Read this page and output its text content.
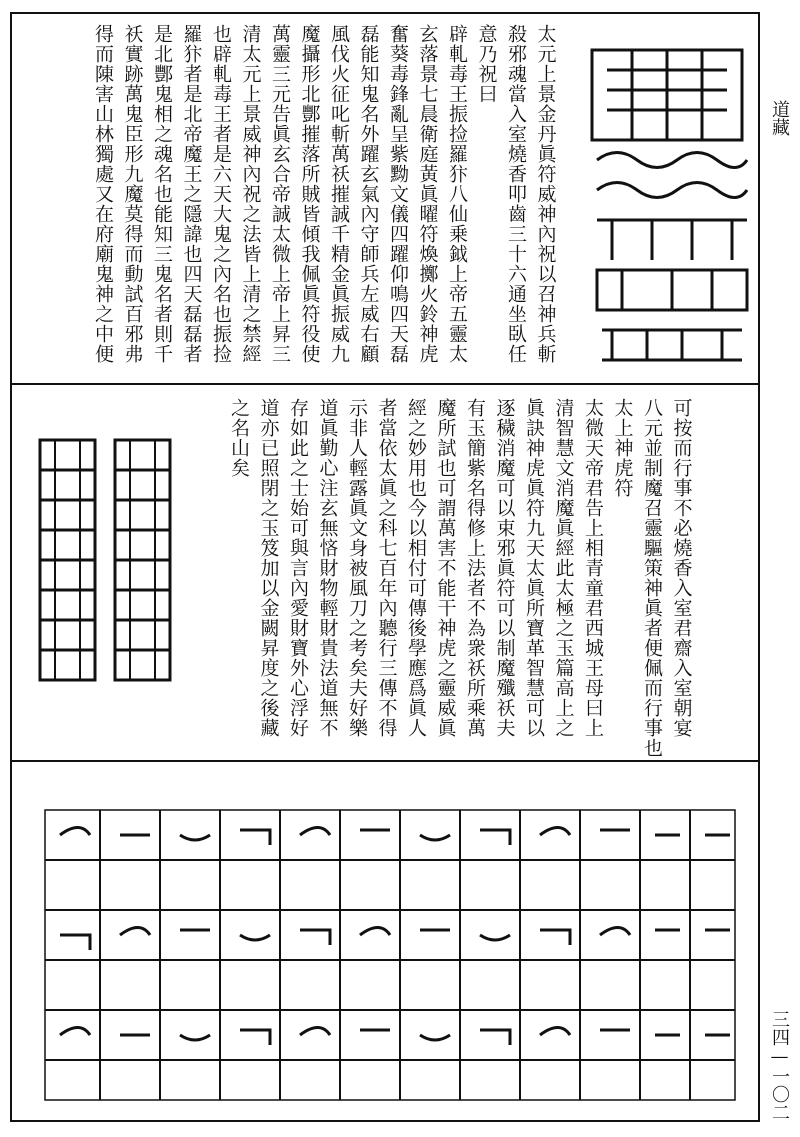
道藏
三四—一〇二
太元上景金丹眞符威神內祝以召神兵斬
殺邪魂當入室燒香叩齒三十六通坐臥任
意乃祝曰
辟軋毒王振捡羅犿八仙乗鉞上帝五靈太
玄落景七晨衛庭黃眞曜符煥擲火鈴神虎
奮葵毒鋒亂呈紫黝文儀四躍仰鳴四天磊
磊能知鬼名外躍玄氣內守師兵左威右顧
風伐火征叱斬萬祅摧誠千精金眞振威九
魔攝形北酆摧落所賊皆傾我佩眞符役使
萬靈三元告眞玄合帝誠太微上帝上昇三
清太元上景威神內祝之法皆上清之禁經
也辟軋毒王者是六天大鬼之內名也振捡
羅犿者是北帝魔王之隱諱也四天磊磊者
是北酆鬼相之魂名也能知三鬼名者則千
祅實跡萬鬼臣形九魔莫得而動試百邪弗
得而陳害山林獨處又在府廟鬼神之中便
可按而行事不必燒香入室君齋入室朝宴
八元並制魔召靈驅策神眞者便佩而行事也
太上神虎符
太微天帝君告上相青童君西城王母曰上
清智慧文消魔眞經此太極之玉篇高上之
眞訣神虎眞符九天太眞所寶革智慧可以
逐穢消魔可以束邪眞符可以制魔殲祅夫
有玉簡紫名得修上法者不為衆祅所乘萬
魔所試也可謂萬害不能干神虎之靈威眞
經之妙用也今以相付可傳後學應爲眞人
者當依太眞之科七百年內聽行三傳不得
示非人輕露眞文身被風刀之考矣夫好樂
道眞勤心注玄無悋財物輕財貴法道無不
存如此之士始可與言內愛財寶外心浮好
道亦已照閉之玉笈加以金闕昇度之後藏
之名山矣
